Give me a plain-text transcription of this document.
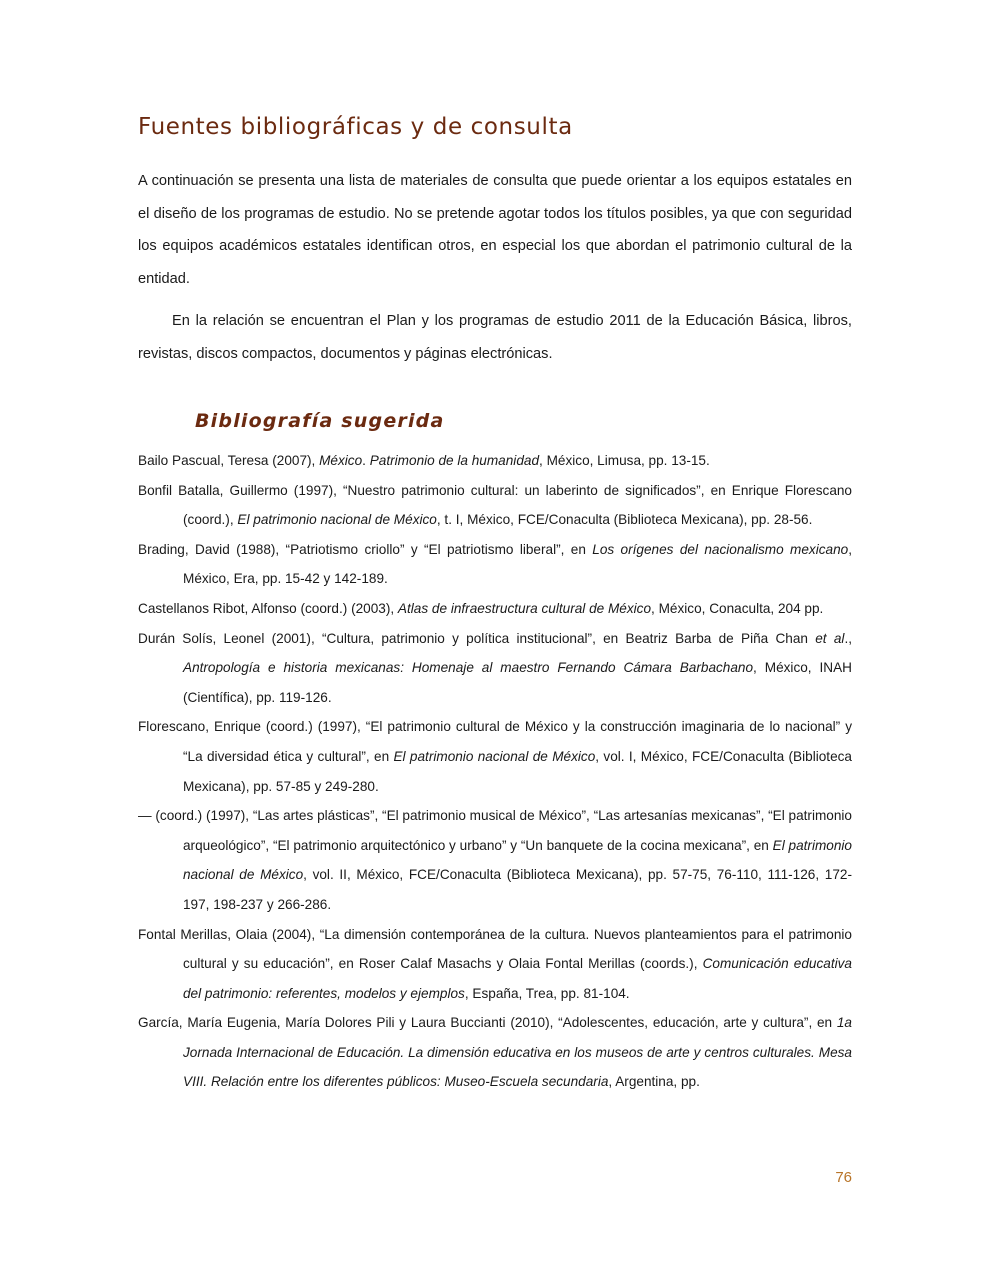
Fuentes bibliográficas y de consulta

A continuación se presenta una lista de materiales de consulta que puede orientar a los equipos estatales en el diseño de los programas de estudio. No se pretende agotar todos los títulos posibles, ya que con seguridad los equipos académicos estatales identifican otros, en especial los que abordan el patrimonio cultural de la entidad.

En la relación se encuentran el Plan y los programas de estudio 2011 de la Educación Básica, libros, revistas, discos compactos, documentos y páginas electrónicas.

Bibliografía sugerida
Bailo Pascual, Teresa (2007), México. Patrimonio de la humanidad, México, Limusa, pp. 13-15.
Bonfil Batalla, Guillermo (1997), “Nuestro patrimonio cultural: un laberinto de significados”, en Enrique Florescano (coord.), El patrimonio nacional de México, t. I, México, FCE/Conaculta (Biblioteca Mexicana), pp. 28-56.
Brading, David (1988), “Patriotismo criollo” y “El patriotismo liberal”, en Los orígenes del nacionalismo mexicano, México, Era, pp. 15-42 y 142-189.
Castellanos Ribot, Alfonso (coord.) (2003), Atlas de infraestructura cultural de México, México, Conaculta, 204 pp.
Durán Solís, Leonel (2001), “Cultura, patrimonio y política institucional”, en Beatriz Barba de Piña Chan et al., Antropología e historia mexicanas: Homenaje al maestro Fernando Cámara Barbachano, México, INAH (Científica), pp. 119-126.
Florescano, Enrique (coord.) (1997), “El patrimonio cultural de México y la construcción imaginaria de lo nacional” y “La diversidad ética y cultural”, en El patrimonio nacional de México, vol. I, México, FCE/Conaculta (Biblioteca Mexicana), pp. 57-85 y 249-280.
— (coord.) (1997), “Las artes plásticas”, “El patrimonio musical de México”, “Las artesanías mexicanas”, “El patrimonio arqueológico”, “El patrimonio arquitectónico y urbano” y “Un banquete de la cocina mexicana”, en El patrimonio nacional de México, vol. II, México, FCE/Conaculta (Biblioteca Mexicana), pp. 57-75, 76-110, 111-126, 172-197, 198-237 y 266-286.
Fontal Merillas, Olaia (2004), “La dimensión contemporánea de la cultura. Nuevos planteamientos para el patrimonio cultural y su educación”, en Roser Calaf Masachs y Olaia Fontal Merillas (coords.), Comunicación educativa del patrimonio: referentes, modelos y ejemplos, España, Trea, pp. 81-104.
García, María Eugenia, María Dolores Pili y Laura Buccianti (2010), “Adolescentes, educación, arte y cultura”, en 1a Jornada Internacional de Educación. La dimensión educativa en los museos de arte y centros culturales. Mesa VIII. Relación entre los diferentes públicos: Museo-Escuela secundaria, Argentina, pp.
76
